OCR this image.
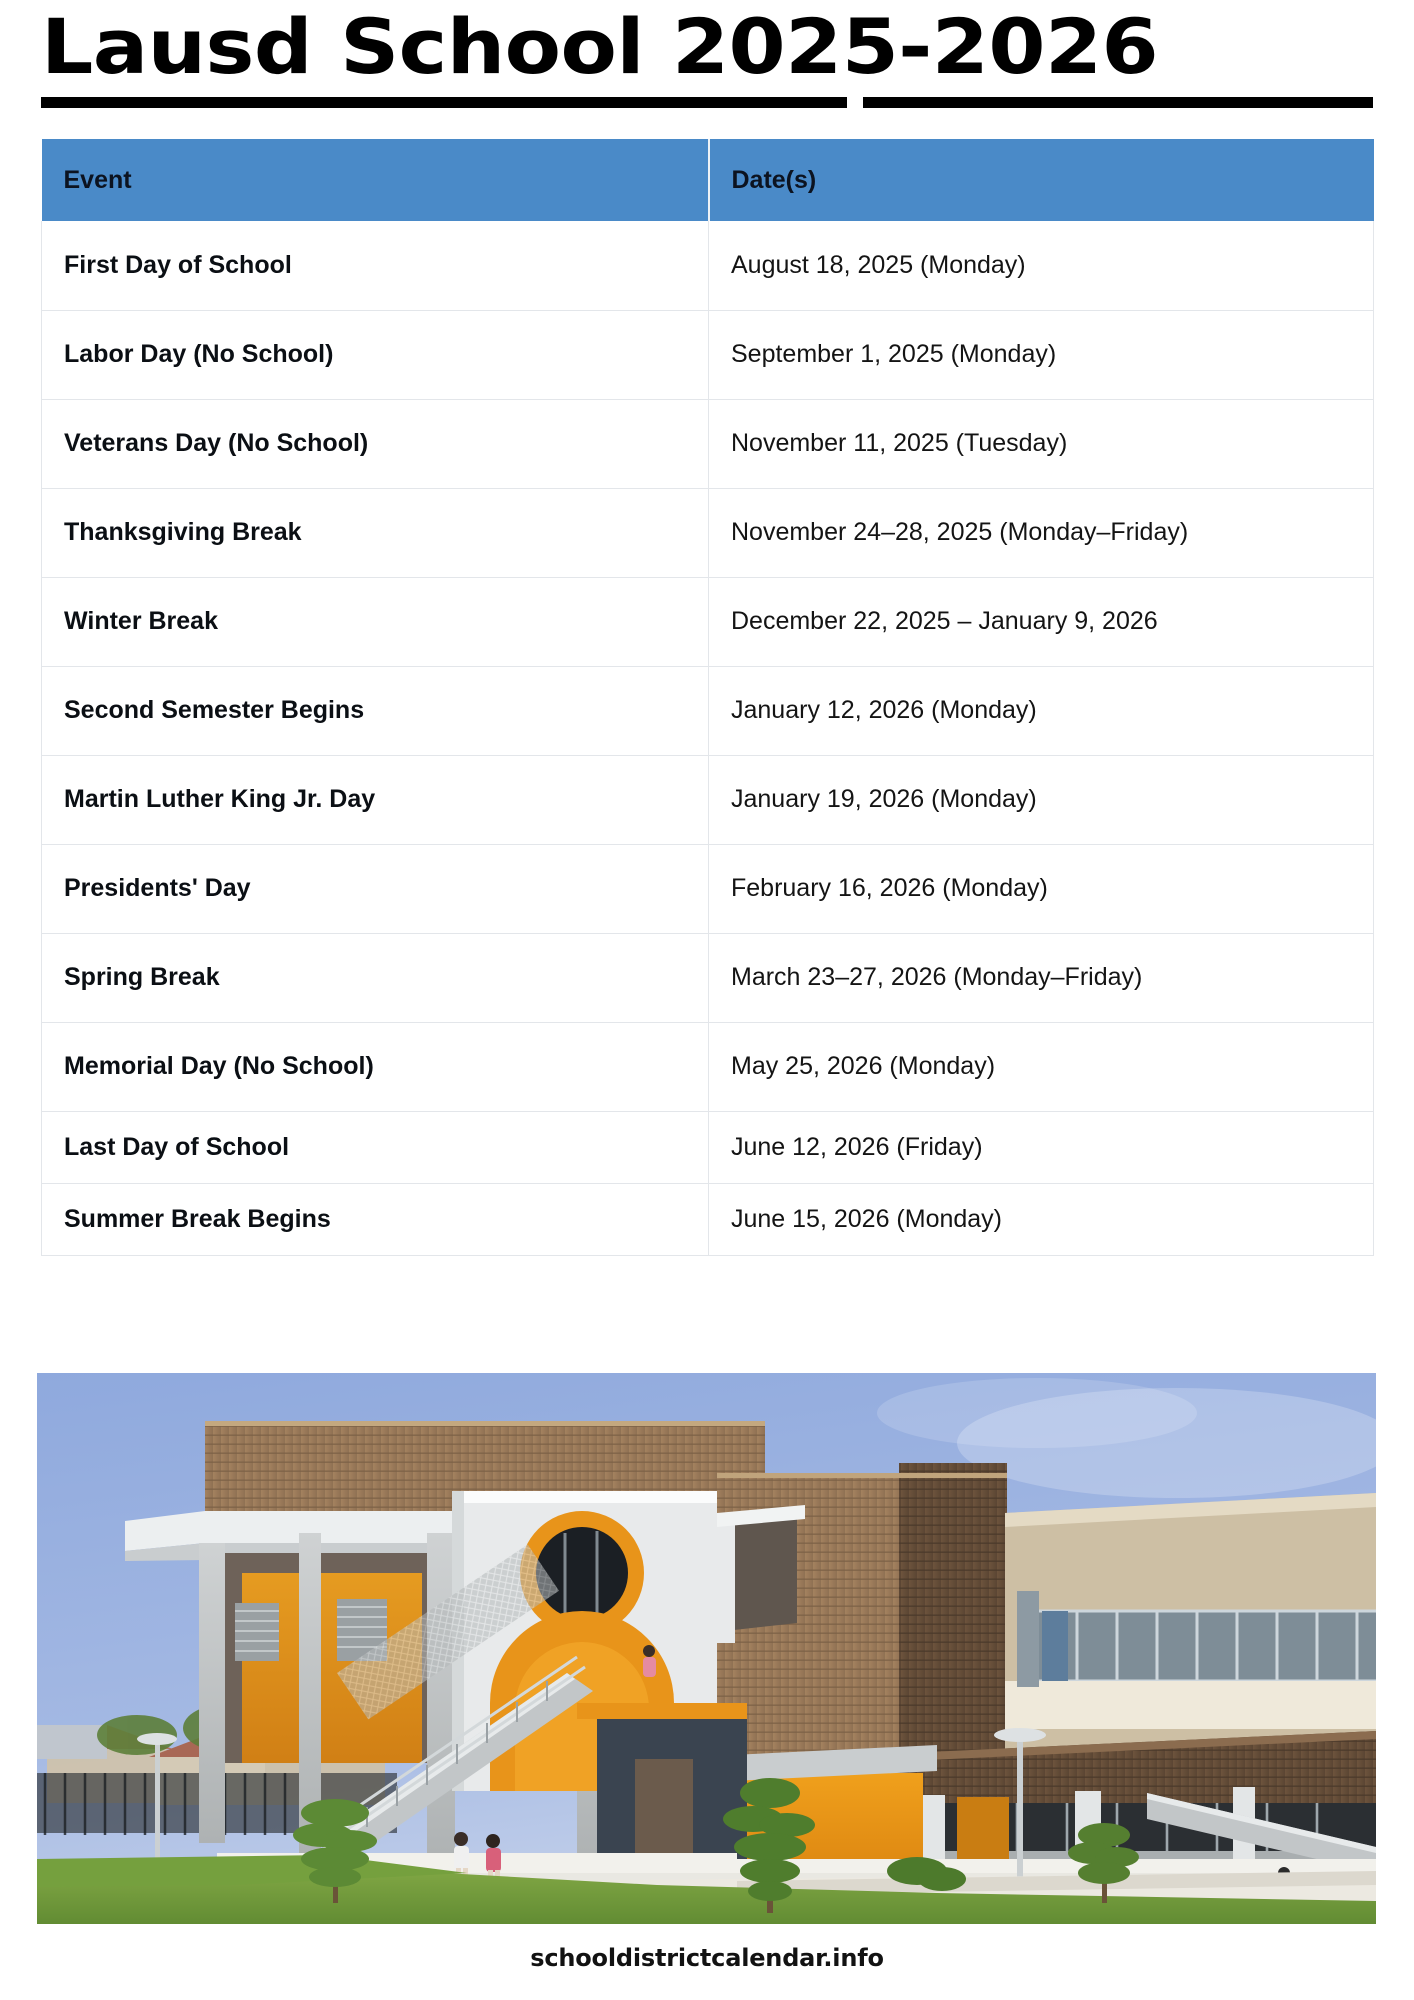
Lausd School 2025-2026
Event	Date(s)
First Day of School	August 18, 2025 (Monday)
Labor Day (No School)	September 1, 2025 (Monday)
Veterans Day (No School)	November 11, 2025 (Tuesday)
Thanksgiving Break	November 24–28, 2025 (Monday–Friday)
Winter Break	December 22, 2025 – January 9, 2026
Second Semester Begins	January 12, 2026 (Monday)
Martin Luther King Jr. Day	January 19, 2026 (Monday)
Presidents' Day	February 16, 2026 (Monday)
Spring Break	March 23–27, 2026 (Monday–Friday)
Memorial Day (No School)	May 25, 2026 (Monday)
Last Day of School	June 12, 2026 (Friday)
Summer Break Begins	June 15, 2026 (Monday)
schooldistrictcalendar.info
